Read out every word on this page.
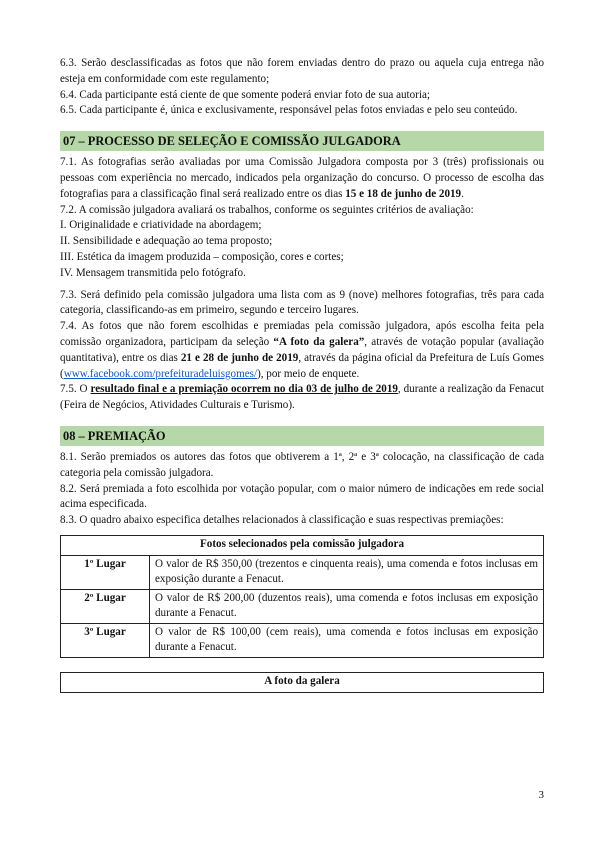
6.3. Serão desclassificadas as fotos que não forem enviadas dentro do prazo ou aquela cuja entrega não esteja em conformidade com este regulamento;

6.4. Cada participante está ciente de que somente poderá enviar foto de sua autoria;

6.5. Cada participante é, única e exclusivamente, responsável pelas fotos enviadas e pelo seu conteúdo.

07 – PROCESSO DE SELEÇÃO E COMISSÃO JULGADORA

7.1. As fotografias serão avaliadas por uma Comissão Julgadora composta por 3 (três) profissionais ou pessoas com experiência no mercado, indicados pela organização do concurso. O processo de escolha das fotografias para a classificação final será realizado entre os dias 15 e 18 de junho de 2019.

7.2. A comissão julgadora avaliará os trabalhos, conforme os seguintes critérios de avaliação:

I. Originalidade e criatividade na abordagem;

II. Sensibilidade e adequação ao tema proposto;

III. Estética da imagem produzida – composição, cores e cortes;

IV. Mensagem transmitida pelo fotógrafo.

7.3. Será definido pela comissão julgadora uma lista com as 9 (nove) melhores fotografias, três para cada categoria, classificando-as em primeiro, segundo e terceiro lugares.

7.4. As fotos que não forem escolhidas e premiadas pela comissão julgadora, após escolha feita pela comissão organizadora, participam da seleção “A foto da galera”, através de votação popular (avaliação quantitativa), entre os dias 21 e 28 de junho de 2019, através da página oficial da Prefeitura de Luís Gomes (www.facebook.com/prefeituradeluisgomes/), por meio de enquete.

7.5. O resultado final e a premiação ocorrem no dia 03 de julho de 2019, durante a realização da Fenacut (Feira de Negócios, Atividades Culturais e Turismo).

08 – PREMIAÇÃO

8.1. Serão premiados os autores das fotos que obtiverem a 1ª, 2ª e 3ª colocação, na classificação de cada categoria pela comissão julgadora.

8.2. Será premiada a foto escolhida por votação popular, com o maior número de indicações em rede social acima especificada.

8.3. O quadro abaixo especifica detalhes relacionados à classificação e suas respectivas premiações:

Fotos selecionados pela comissão julgadora	
1º Lugar	O valor de R$ 350,00 (trezentos e cinquenta reais), uma comenda e fotos inclusas em exposição durante a Fenacut.
2º Lugar	O valor de R$ 200,00 (duzentos reais), uma comenda e fotos inclusas em exposição durante a Fenacut.
3º Lugar	O valor de R$ 100,00 (cem reais), uma comenda e fotos inclusas em exposição durante a Fenacut.
A foto da galera
3
